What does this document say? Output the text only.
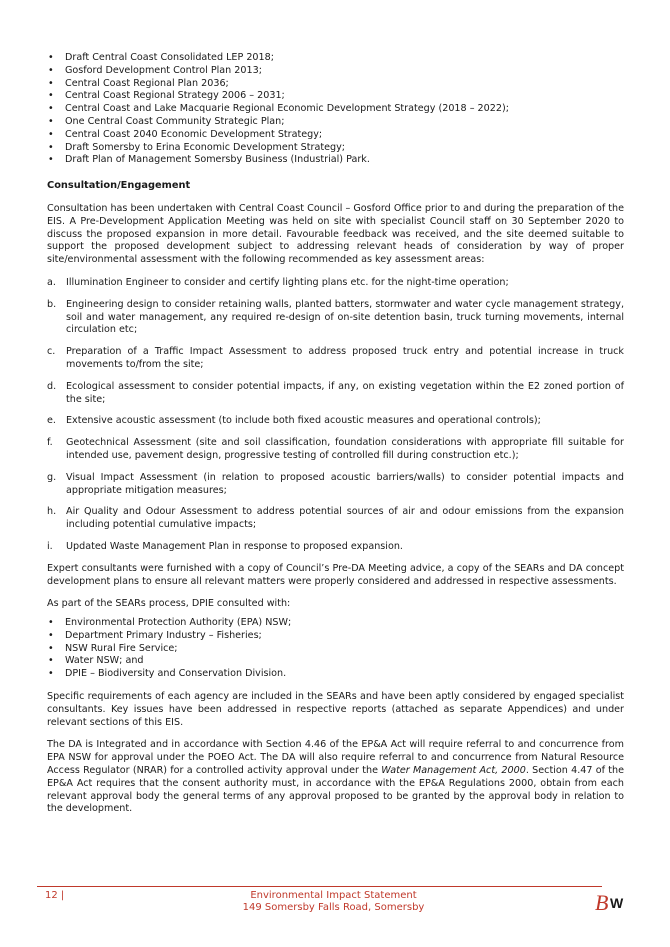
• Draft Central Coast Consolidated LEP 2018;
• Gosford Development Control Plan 2013;
• Central Coast Regional Plan 2036;
• Central Coast Regional Strategy 2006 – 2031;
• Central Coast and Lake Macquarie Regional Economic Development Strategy (2018 – 2022);
• One Central Coast Community Strategic Plan;
• Central Coast 2040 Economic Development Strategy;
• Draft Somersby to Erina Economic Development Strategy;
• Draft Plan of Management Somersby Business (Industrial) Park.
Consultation/Engagement

Consultation has been undertaken with Central Coast Council – Gosford Office prior to and during the preparation of the EIS. A Pre-Development Application Meeting was held on site with specialist Council staff on 30 September 2020 to discuss the proposed expansion in more detail. Favourable feedback was received, and the site deemed suitable to support the proposed development subject to addressing relevant heads of consideration by way of proper site/environmental assessment with the following recommended as key assessment areas:

a. Illumination Engineer to consider and certify lighting plans etc. for the night-time operation;
b. Engineering design to consider retaining walls, planted batters, stormwater and water cycle management strategy, soil and water management, any required re-design of on-site detention basin, truck turning movements, internal circulation etc;
c. Preparation of a Traffic Impact Assessment to address proposed truck entry and potential increase in truck movements to/from the site;
d. Ecological assessment to consider potential impacts, if any, on existing vegetation within the E2 zoned portion of the site;
e. Extensive acoustic assessment (to include both fixed acoustic measures and operational controls);
f. Geotechnical Assessment (site and soil classification, foundation considerations with appropriate fill suitable for intended use, pavement design, progressive testing of controlled fill during construction etc.);
g. Visual Impact Assessment (in relation to proposed acoustic barriers/walls) to consider potential impacts and appropriate mitigation measures;
h. Air Quality and Odour Assessment to address potential sources of air and odour emissions from the expansion including potential cumulative impacts;
i. Updated Waste Management Plan in response to proposed expansion.

Expert consultants were furnished with a copy of Council’s Pre-DA Meeting advice, a copy of the SEARs and DA concept development plans to ensure all relevant matters were properly considered and addressed in respective assessments.

As part of the SEARs process, DPIE consulted with:

• Environmental Protection Authority (EPA) NSW;
• Department Primary Industry – Fisheries;
• NSW Rural Fire Service;
• Water NSW; and
• DPIE – Biodiversity and Conservation Division.

Specific requirements of each agency are included in the SEARs and have been aptly considered by engaged specialist consultants. Key issues have been addressed in respective reports (attached as separate Appendices) and under relevant sections of this EIS.

The DA is Integrated and in accordance with Section 4.46 of the EP&A Act will require referral to and concurrence from EPA NSW for approval under the POEO Act. The DA will also require referral to and concurrence from Natural Resource Access Regulator (NRAR) for a controlled activity approval under the Water Management Act, 2000. Section 4.47 of the EP&A Act requires that the consent authority must, in accordance with the EP&A Regulations 2000, obtain from each relevant approval body the general terms of any approval proposed to be granted by the approval body in relation to the development.

12 |	Environmental Impact Statement
149 Somersby Falls Road, Somersby	B W
